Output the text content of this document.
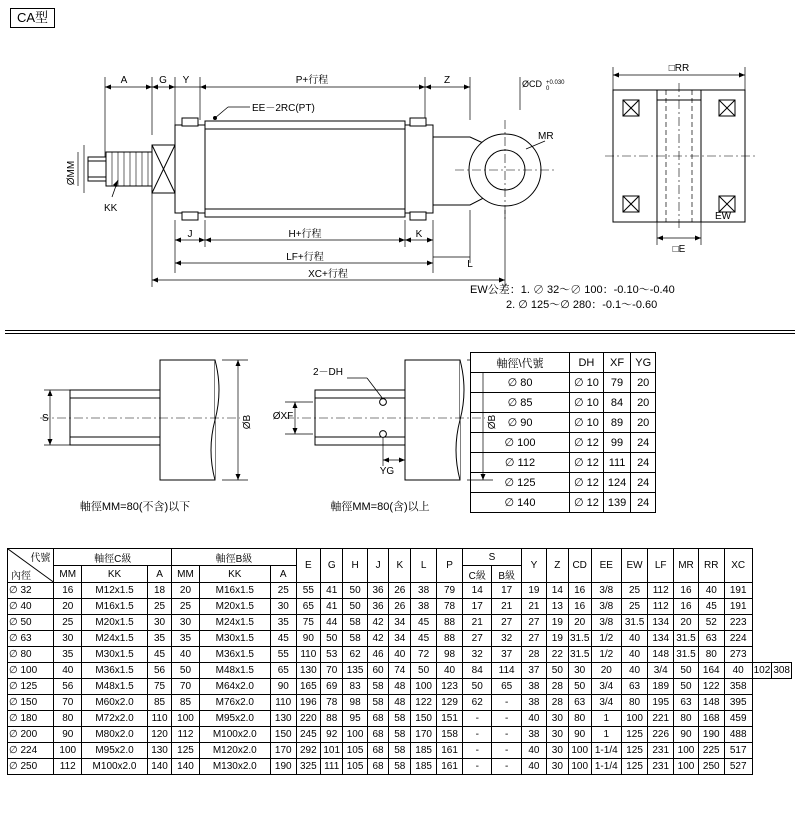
CA型
A	G Y	P+行程	Z	ØCD +0.030
0
EE－2RC(PT)
MR
ØMM
KK
J	H+行程	K
LF+行程
XC+行程
L
□RR
EW
□E
EW公差：1. ∅ 32～∅ 100：-0.10～-0.40
2. ∅ 125～∅ 280：-0.1～-0.60
S	ØB
軸徑MM=80(不含)以下
2－DH
ØXF
YG
ØB
軸徑MM=80(含)以上
軸徑\代號	DH	XF	YG
∅ 80	∅ 10	79	20
∅ 85	∅ 10	84	20
∅ 90	∅ 10	89	20
∅ 100	∅ 12	99	24
∅ 112	∅ 12	111	24
∅ 125	∅ 12	124	24
∅ 140	∅ 12	139	24
代號
內徑	軸徑C級			軸徑B級			E	G	H	J	K	L	P	S		Y	Z	CD	EE	EW	LF	MR	RR	XC		
	MM	KK	A	MM	KK	A								C級	B級											
∅ 32	16	M12x1.5	18	20	M16x1.5	25	55	41	50	36	26	38	79	14	17	19	14	16	3/8	25	112	16	40	191		
∅ 40	20	M16x1.5	25	25	M20x1.5	30	65	41	50	36	26	38	78	17	21	21	13	16	3/8	25	112	16	45	191		
∅ 50	25	M20x1.5	30	30	M24x1.5	35	75	44	58	42	34	45	88	21	27	27	19	20	3/8	31.5	134	20	52	223		
∅ 63	30	M24x1.5	35	35	M30x1.5	45	90	50	58	42	34	45	88	27	32	27	19	31.5	1/2	40	134	31.5	63	224		
∅ 80	35	M30x1.5	45	40	M36x1.5	55	110	53	62	46	40	72	98	32	37	28	22	31.5	1/2	40	148	31.5	80	273		
∅ 100	40	M36x1.5	56	50	M48x1.5	65	130	70	135	60	74	50	40	84	114	37	50	30	20	40	3/4	50	164	40	102	308
∅ 125	56	M48x1.5	75	70	M64x2.0	90	165	69	83	58	48	100	123	50	65	38	28	50	3/4	63	189	50	122	358		
∅ 150	70	M60x2.0	85	85	M76x2.0	110	196	78	98	58	48	122	129	62	-	38	28	63	3/4	80	195	63	148	395		
∅ 180	80	M72x2.0	110	100	M95x2.0	130	220	88	95	68	58	150	151	-	-	40	30	80	1	100	221	80	168	459		
∅ 200	90	M80x2.0	120	112	M100x2.0	150	245	92	100	68	58	170	158	-	-	38	30	90	1	125	226	90	190	488		
∅ 224	100	M95x2.0	130	125	M120x2.0	170	292	101	105	68	58	185	161	-	-	40	30	100	1-1/4	125	231	100	225	517		
∅ 250	112	M100x2.0	140	140	M130x2.0	190	325	111	105	68	58	185	161	-	-	40	30	100	1-1/4	125	231	100	250	527		
